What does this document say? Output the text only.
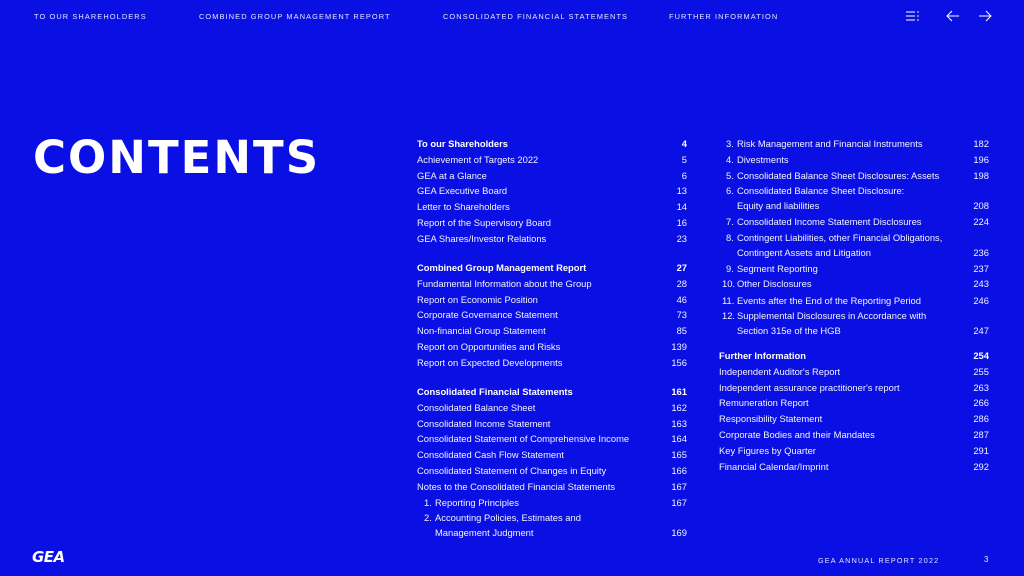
TO OUR SHAREHOLDERS	COMBINED GROUP MANAGEMENT REPORT	CONSOLIDATED FINANCIAL STATEMENTS	FURTHER INFORMATION
CONTENTS	To our Shareholders	4
Achievement of Targets 2022	5
GEA at a Glance	6
GEA Executive Board	13
Letter to Shareholders	14
Report of the Supervisory Board	16
GEA Shares/Investor Relations	23
Combined Group Management Report	27
Fundamental Information about the Group	28
Report on Economic Position	46
Corporate Governance Statement	73
Non-financial Group Statement	85
Report on Opportunities and Risks	139
Report on Expected Developments	156
Consolidated Financial Statements	161
Consolidated Balance Sheet	162
Consolidated Income Statement	163
Consolidated Statement of Comprehensive Income	164
Consolidated Cash Flow Statement	165
Consolidated Statement of Changes in Equity	166
Notes to the Consolidated Financial Statements	167
1. Reporting Principles	167
2. Accounting Policies, Estimates and
Management Judgment	169
3. Risk Management and Financial Instruments	182
4. Divestments	196
5. Consolidated Balance Sheet Disclosures: Assets	198
6. Consolidated Balance Sheet Disclosure:
Equity and liabilities	208
7. Consolidated Income Statement Disclosures	224
8. Contingent Liabilities, other Financial Obligations,
Contingent Assets and Litigation	236
9. Segment Reporting	237
10. Other Disclosures	243
11. Events after the End of the Reporting Period	246
12. Supplemental Disclosures in Accordance with
Section 315e of the HGB	247
Further Information	254
Independent Auditor's Report	255
Independent assurance practitioner's report	263
Remuneration Report	266
Responsibility Statement	286
Corporate Bodies and their Mandates	287
Key Figures by Quarter	291
Financial Calendar/Imprint	292
GEA	GEA ANNUAL REPORT 2022	3
